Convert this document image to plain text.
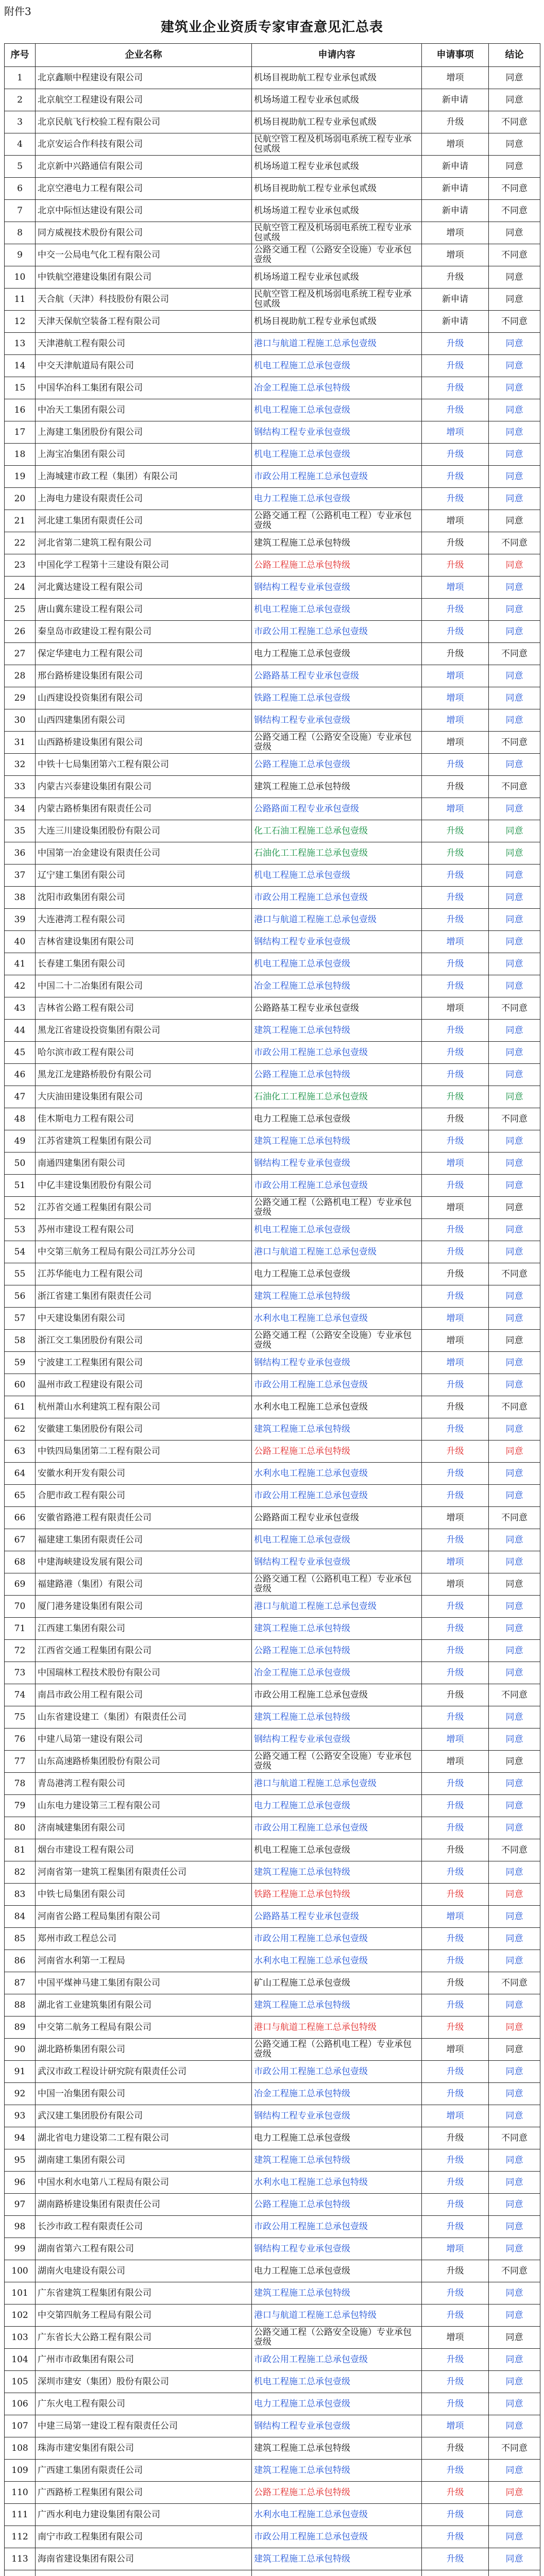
附件3
建筑业企业资质专家审查意见汇总表
序号	企业名称	申请内容	申请事项	结论
1	北京鑫顺中程建设有限公司	机场目视助航工程专业承包贰级	增项	同意
2	北京航空工程建设有限公司	机场场道工程专业承包贰级	新申请	同意
3	北京民航飞行校验工程有限公司	机场目视助航工程专业承包贰级	升级	不同意
4	北京安运合作科技有限公司	民航空管工程及机场弱电系统工程专业承包贰级	增项	同意
5	北京新中兴路通信有限公司	机场场道工程专业承包贰级	新申请	同意
6	北京空港电力工程有限公司	机场目视助航工程专业承包贰级	新申请	不同意
7	北京中际恒达建设有限公司	机场场道工程专业承包贰级	新申请	不同意
8	同方威视技术股份有限公司	民航空管工程及机场弱电系统工程专业承包贰级	增项	同意
9	中交一公局电气化工程有限公司	公路交通工程（公路安全设施）专业承包壹级	增项	不同意
10	中铁航空港建设集团有限公司	机场场道工程专业承包贰级	升级	同意
11	天合航（天津）科技股份有限公司	民航空管工程及机场弱电系统工程专业承包贰级	新申请	同意
12	天津天保航空装备工程有限公司	机场目视助航工程专业承包贰级	新申请	不同意
13	天津港航工程有限公司	港口与航道工程施工总承包壹级	升级	同意
14	中交天津航道局有限公司	机电工程施工总承包壹级	升级	同意
15	中国华冶科工集团有限公司	冶金工程施工总承包特级	升级	同意
16	中冶天工集团有限公司	机电工程施工总承包壹级	升级	同意
17	上海建工集团股份有限公司	钢结构工程专业承包壹级	增项	同意
18	上海宝冶集团有限公司	机电工程施工总承包壹级	升级	同意
19	上海城建市政工程（集团）有限公司	市政公用工程施工总承包壹级	升级	同意
20	上海电力建设有限责任公司	电力工程施工总承包壹级	升级	同意
21	河北建工集团有限责任公司	公路交通工程（公路机电工程）专业承包壹级	增项	同意
22	河北省第二建筑工程有限公司	建筑工程施工总承包特级	升级	不同意
23	中国化学工程第十三建设有限公司	公路工程施工总承包特级	升级	同意
24	河北冀达建设工程有限公司	钢结构工程专业承包壹级	增项	同意
25	唐山冀东建设工程有限公司	机电工程施工总承包壹级	升级	同意
26	秦皇岛市政建设工程有限公司	市政公用工程施工总承包壹级	升级	同意
27	保定华建电力工程有限公司	电力工程施工总承包壹级	升级	不同意
28	邢台路桥建设集团有限公司	公路路基工程专业承包壹级	增项	同意
29	山西建设投资集团有限公司	铁路工程施工总承包壹级	增项	同意
30	山西四建集团有限公司	钢结构工程专业承包壹级	增项	同意
31	山西路桥建设集团有限公司	公路交通工程（公路安全设施）专业承包壹级	增项	不同意
32	中铁十七局集团第六工程有限公司	公路工程施工总承包壹级	升级	同意
33	内蒙古兴泰建设集团有限公司	建筑工程施工总承包特级	升级	不同意
34	内蒙古路桥集团有限责任公司	公路路面工程专业承包壹级	增项	同意
35	大连三川建设集团股份有限公司	化工石油工程施工总承包壹级	升级	同意
36	中国第一冶金建设有限责任公司	石油化工工程施工总承包壹级	升级	同意
37	辽宁建工集团有限公司	机电工程施工总承包壹级	升级	同意
38	沈阳市政集团有限公司	市政公用工程施工总承包壹级	升级	同意
39	大连港湾工程有限公司	港口与航道工程施工总承包壹级	升级	同意
40	吉林省建设集团有限公司	钢结构工程专业承包壹级	增项	同意
41	长春建工集团有限公司	机电工程施工总承包壹级	升级	同意
42	中国二十二冶集团有限公司	冶金工程施工总承包特级	升级	同意
43	吉林省公路工程有限公司	公路路基工程专业承包壹级	增项	不同意
44	黑龙江省建设投资集团有限公司	建筑工程施工总承包特级	升级	同意
45	哈尔滨市政工程有限公司	市政公用工程施工总承包壹级	升级	同意
46	黑龙江龙建路桥股份有限公司	公路工程施工总承包特级	升级	同意
47	大庆油田建设集团有限公司	石油化工工程施工总承包壹级	升级	同意
48	佳木斯电力工程有限公司	电力工程施工总承包壹级	升级	不同意
49	江苏省建筑工程集团有限公司	建筑工程施工总承包特级	升级	同意
50	南通四建集团有限公司	钢结构工程专业承包壹级	增项	同意
51	中亿丰建设集团股份有限公司	市政公用工程施工总承包壹级	升级	同意
52	江苏省交通工程集团有限公司	公路交通工程（公路机电工程）专业承包壹级	增项	同意
53	苏州市建设工程有限公司	机电工程施工总承包壹级	升级	同意
54	中交第三航务工程局有限公司江苏分公司	港口与航道工程施工总承包壹级	升级	同意
55	江苏华能电力工程有限公司	电力工程施工总承包壹级	升级	不同意
56	浙江省建工集团有限责任公司	建筑工程施工总承包特级	升级	同意
57	中天建设集团有限公司	水利水电工程施工总承包壹级	增项	同意
58	浙江交工集团股份有限公司	公路交通工程（公路安全设施）专业承包壹级	增项	同意
59	宁波建工工程集团有限公司	钢结构工程专业承包壹级	增项	同意
60	温州市政工程建设有限公司	市政公用工程施工总承包壹级	升级	同意
61	杭州萧山水利建筑工程有限公司	水利水电工程施工总承包壹级	升级	不同意
62	安徽建工集团股份有限公司	建筑工程施工总承包特级	升级	同意
63	中铁四局集团第二工程有限公司	公路工程施工总承包特级	升级	同意
64	安徽水利开发有限公司	水利水电工程施工总承包壹级	升级	同意
65	合肥市政工程有限公司	市政公用工程施工总承包壹级	升级	同意
66	安徽省路港工程有限责任公司	公路路面工程专业承包壹级	增项	不同意
67	福建建工集团有限责任公司	机电工程施工总承包壹级	升级	同意
68	中建海峡建设发展有限公司	钢结构工程专业承包壹级	增项	同意
69	福建路港（集团）有限公司	公路交通工程（公路机电工程）专业承包壹级	增项	同意
70	厦门港务建设集团有限公司	港口与航道工程施工总承包壹级	升级	同意
71	江西建工集团有限公司	建筑工程施工总承包特级	升级	同意
72	江西省交通工程集团有限公司	公路工程施工总承包特级	升级	同意
73	中国瑞林工程技术股份有限公司	冶金工程施工总承包壹级	升级	同意
74	南昌市政公用工程有限公司	市政公用工程施工总承包壹级	升级	不同意
75	山东省建设建工（集团）有限责任公司	建筑工程施工总承包特级	升级	同意
76	中建八局第一建设有限公司	钢结构工程专业承包壹级	增项	同意
77	山东高速路桥集团股份有限公司	公路交通工程（公路安全设施）专业承包壹级	增项	同意
78	青岛港湾工程有限公司	港口与航道工程施工总承包壹级	升级	同意
79	山东电力建设第三工程有限公司	电力工程施工总承包壹级	升级	同意
80	济南城建集团有限公司	市政公用工程施工总承包壹级	升级	同意
81	烟台市建设工程有限公司	机电工程施工总承包壹级	升级	不同意
82	河南省第一建筑工程集团有限责任公司	建筑工程施工总承包特级	升级	同意
83	中铁七局集团有限公司	铁路工程施工总承包特级	升级	同意
84	河南省公路工程局集团有限公司	公路路基工程专业承包壹级	增项	同意
85	郑州市政工程总公司	市政公用工程施工总承包壹级	升级	同意
86	河南省水利第一工程局	水利水电工程施工总承包壹级	升级	同意
87	中国平煤神马建工集团有限公司	矿山工程施工总承包壹级	升级	不同意
88	湖北省工业建筑集团有限公司	建筑工程施工总承包特级	升级	同意
89	中交第二航务工程局有限公司	港口与航道工程施工总承包特级	升级	同意
90	湖北路桥集团有限公司	公路交通工程（公路机电工程）专业承包壹级	增项	同意
91	武汉市政工程设计研究院有限责任公司	市政公用工程施工总承包壹级	升级	同意
92	中国一冶集团有限公司	冶金工程施工总承包特级	升级	同意
93	武汉建工集团股份有限公司	钢结构工程专业承包壹级	增项	同意
94	湖北省电力建设第二工程有限公司	电力工程施工总承包壹级	升级	不同意
95	湖南建工集团有限公司	建筑工程施工总承包特级	升级	同意
96	中国水利水电第八工程局有限公司	水利水电工程施工总承包特级	升级	同意
97	湖南路桥建设集团有限责任公司	公路工程施工总承包特级	升级	同意
98	长沙市政工程有限责任公司	市政公用工程施工总承包壹级	升级	同意
99	湖南省第六工程有限公司	钢结构工程专业承包壹级	增项	同意
100	湖南火电建设有限公司	电力工程施工总承包壹级	升级	不同意
101	广东省建筑工程集团有限公司	建筑工程施工总承包特级	升级	同意
102	中交第四航务工程局有限公司	港口与航道工程施工总承包特级	升级	同意
103	广东省长大公路工程有限公司	公路交通工程（公路安全设施）专业承包壹级	增项	同意
104	广州市市政集团有限公司	市政公用工程施工总承包壹级	升级	同意
105	深圳市建安（集团）股份有限公司	机电工程施工总承包壹级	升级	同意
106	广东火电工程有限公司	电力工程施工总承包壹级	升级	同意
107	中建三局第一建设工程有限责任公司	钢结构工程专业承包壹级	增项	同意
108	珠海市建安集团有限公司	建筑工程施工总承包特级	升级	不同意
109	广西建工集团有限责任公司	建筑工程施工总承包特级	升级	同意
110	广西路桥工程集团有限公司	公路工程施工总承包特级	升级	同意
111	广西水利电力建设集团有限公司	水利水电工程施工总承包壹级	升级	同意
112	南宁市政工程集团有限公司	市政公用工程施工总承包壹级	升级	同意
113	海南省建设集团有限公司	建筑工程施工总承包特级	升级	同意
